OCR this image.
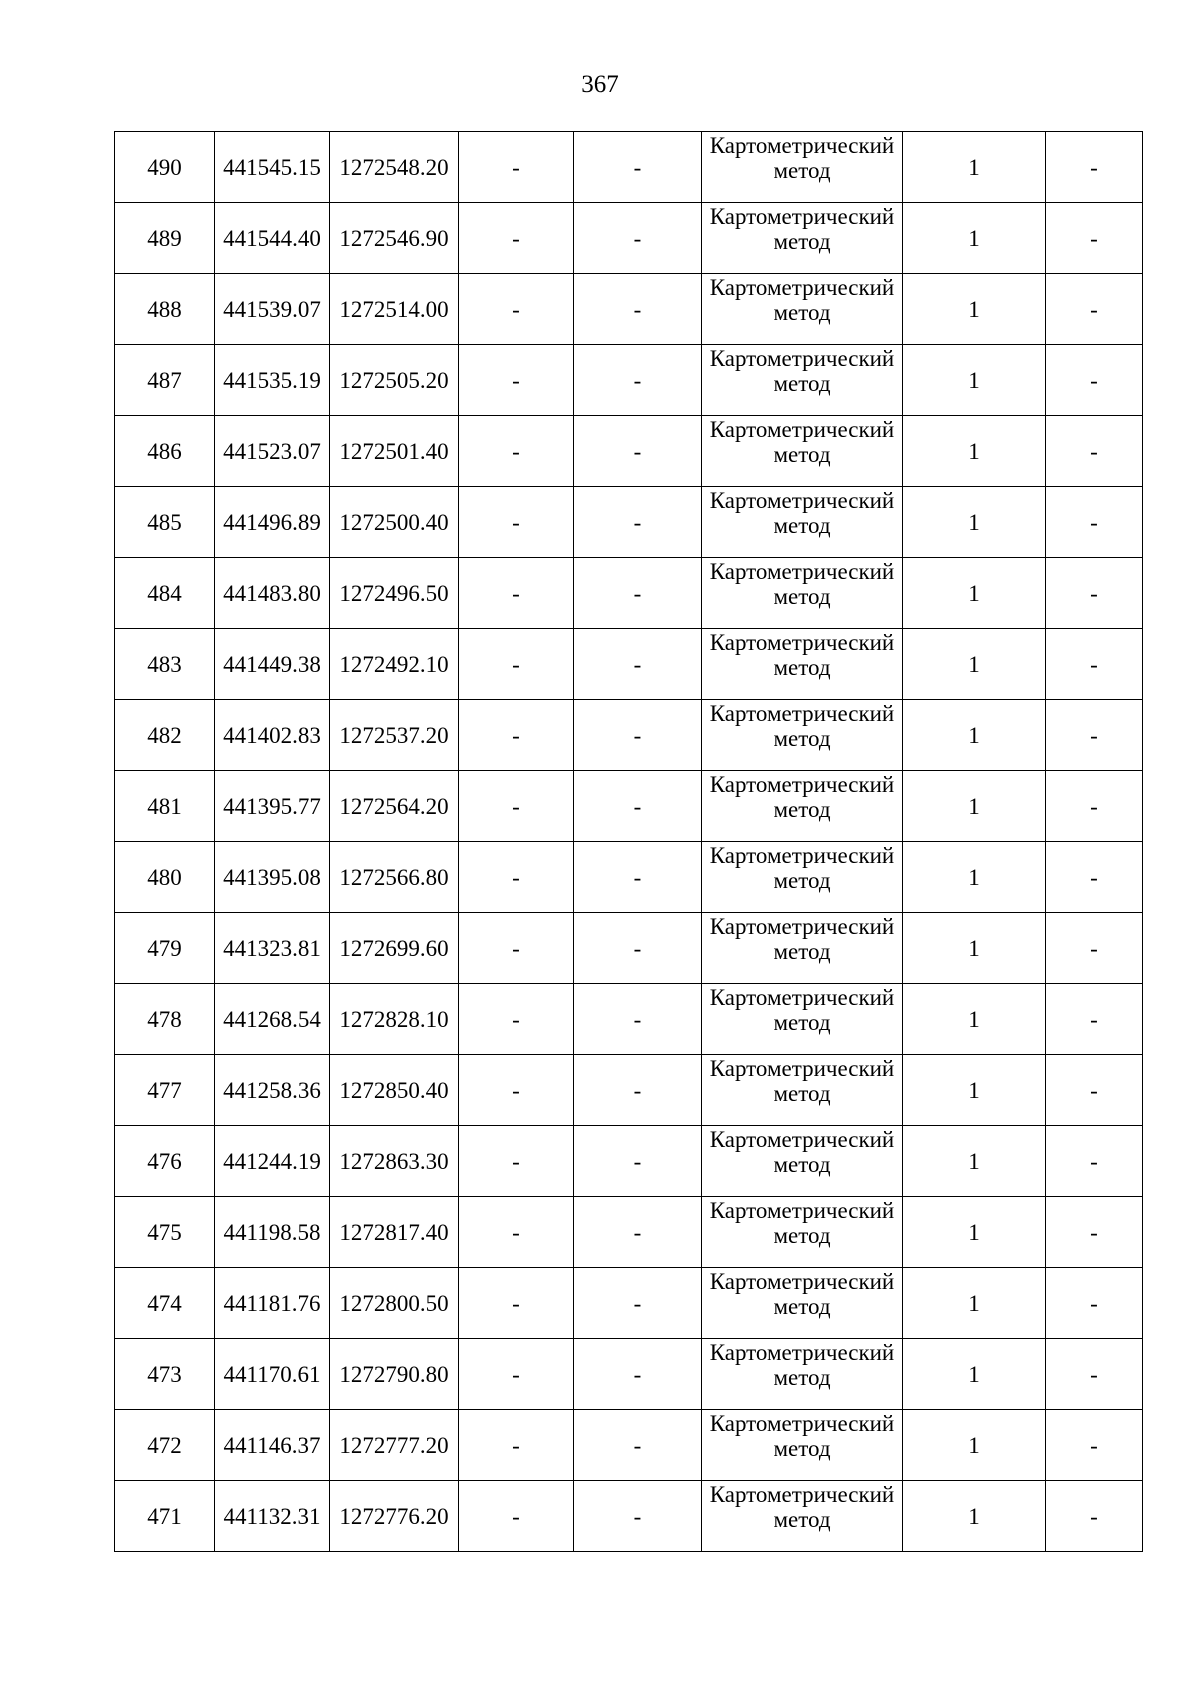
367
490	441545.15	1272548.20	-	-	Картометрический
метод	1	-
489	441544.40	1272546.90	-	-	Картометрический
метод	1	-
488	441539.07	1272514.00	-	-	Картометрический
метод	1	-
487	441535.19	1272505.20	-	-	Картометрический
метод	1	-
486	441523.07	1272501.40	-	-	Картометрический
метод	1	-
485	441496.89	1272500.40	-	-	Картометрический
метод	1	-
484	441483.80	1272496.50	-	-	Картометрический
метод	1	-
483	441449.38	1272492.10	-	-	Картометрический
метод	1	-
482	441402.83	1272537.20	-	-	Картометрический
метод	1	-
481	441395.77	1272564.20	-	-	Картометрический
метод	1	-
480	441395.08	1272566.80	-	-	Картометрический
метод	1	-
479	441323.81	1272699.60	-	-	Картометрический
метод	1	-
478	441268.54	1272828.10	-	-	Картометрический
метод	1	-
477	441258.36	1272850.40	-	-	Картометрический
метод	1	-
476	441244.19	1272863.30	-	-	Картометрический
метод	1	-
475	441198.58	1272817.40	-	-	Картометрический
метод	1	-
474	441181.76	1272800.50	-	-	Картометрический
метод	1	-
473	441170.61	1272790.80	-	-	Картометрический
метод	1	-
472	441146.37	1272777.20	-	-	Картометрический
метод	1	-
471	441132.31	1272776.20	-	-	Картометрический
метод	1	-
